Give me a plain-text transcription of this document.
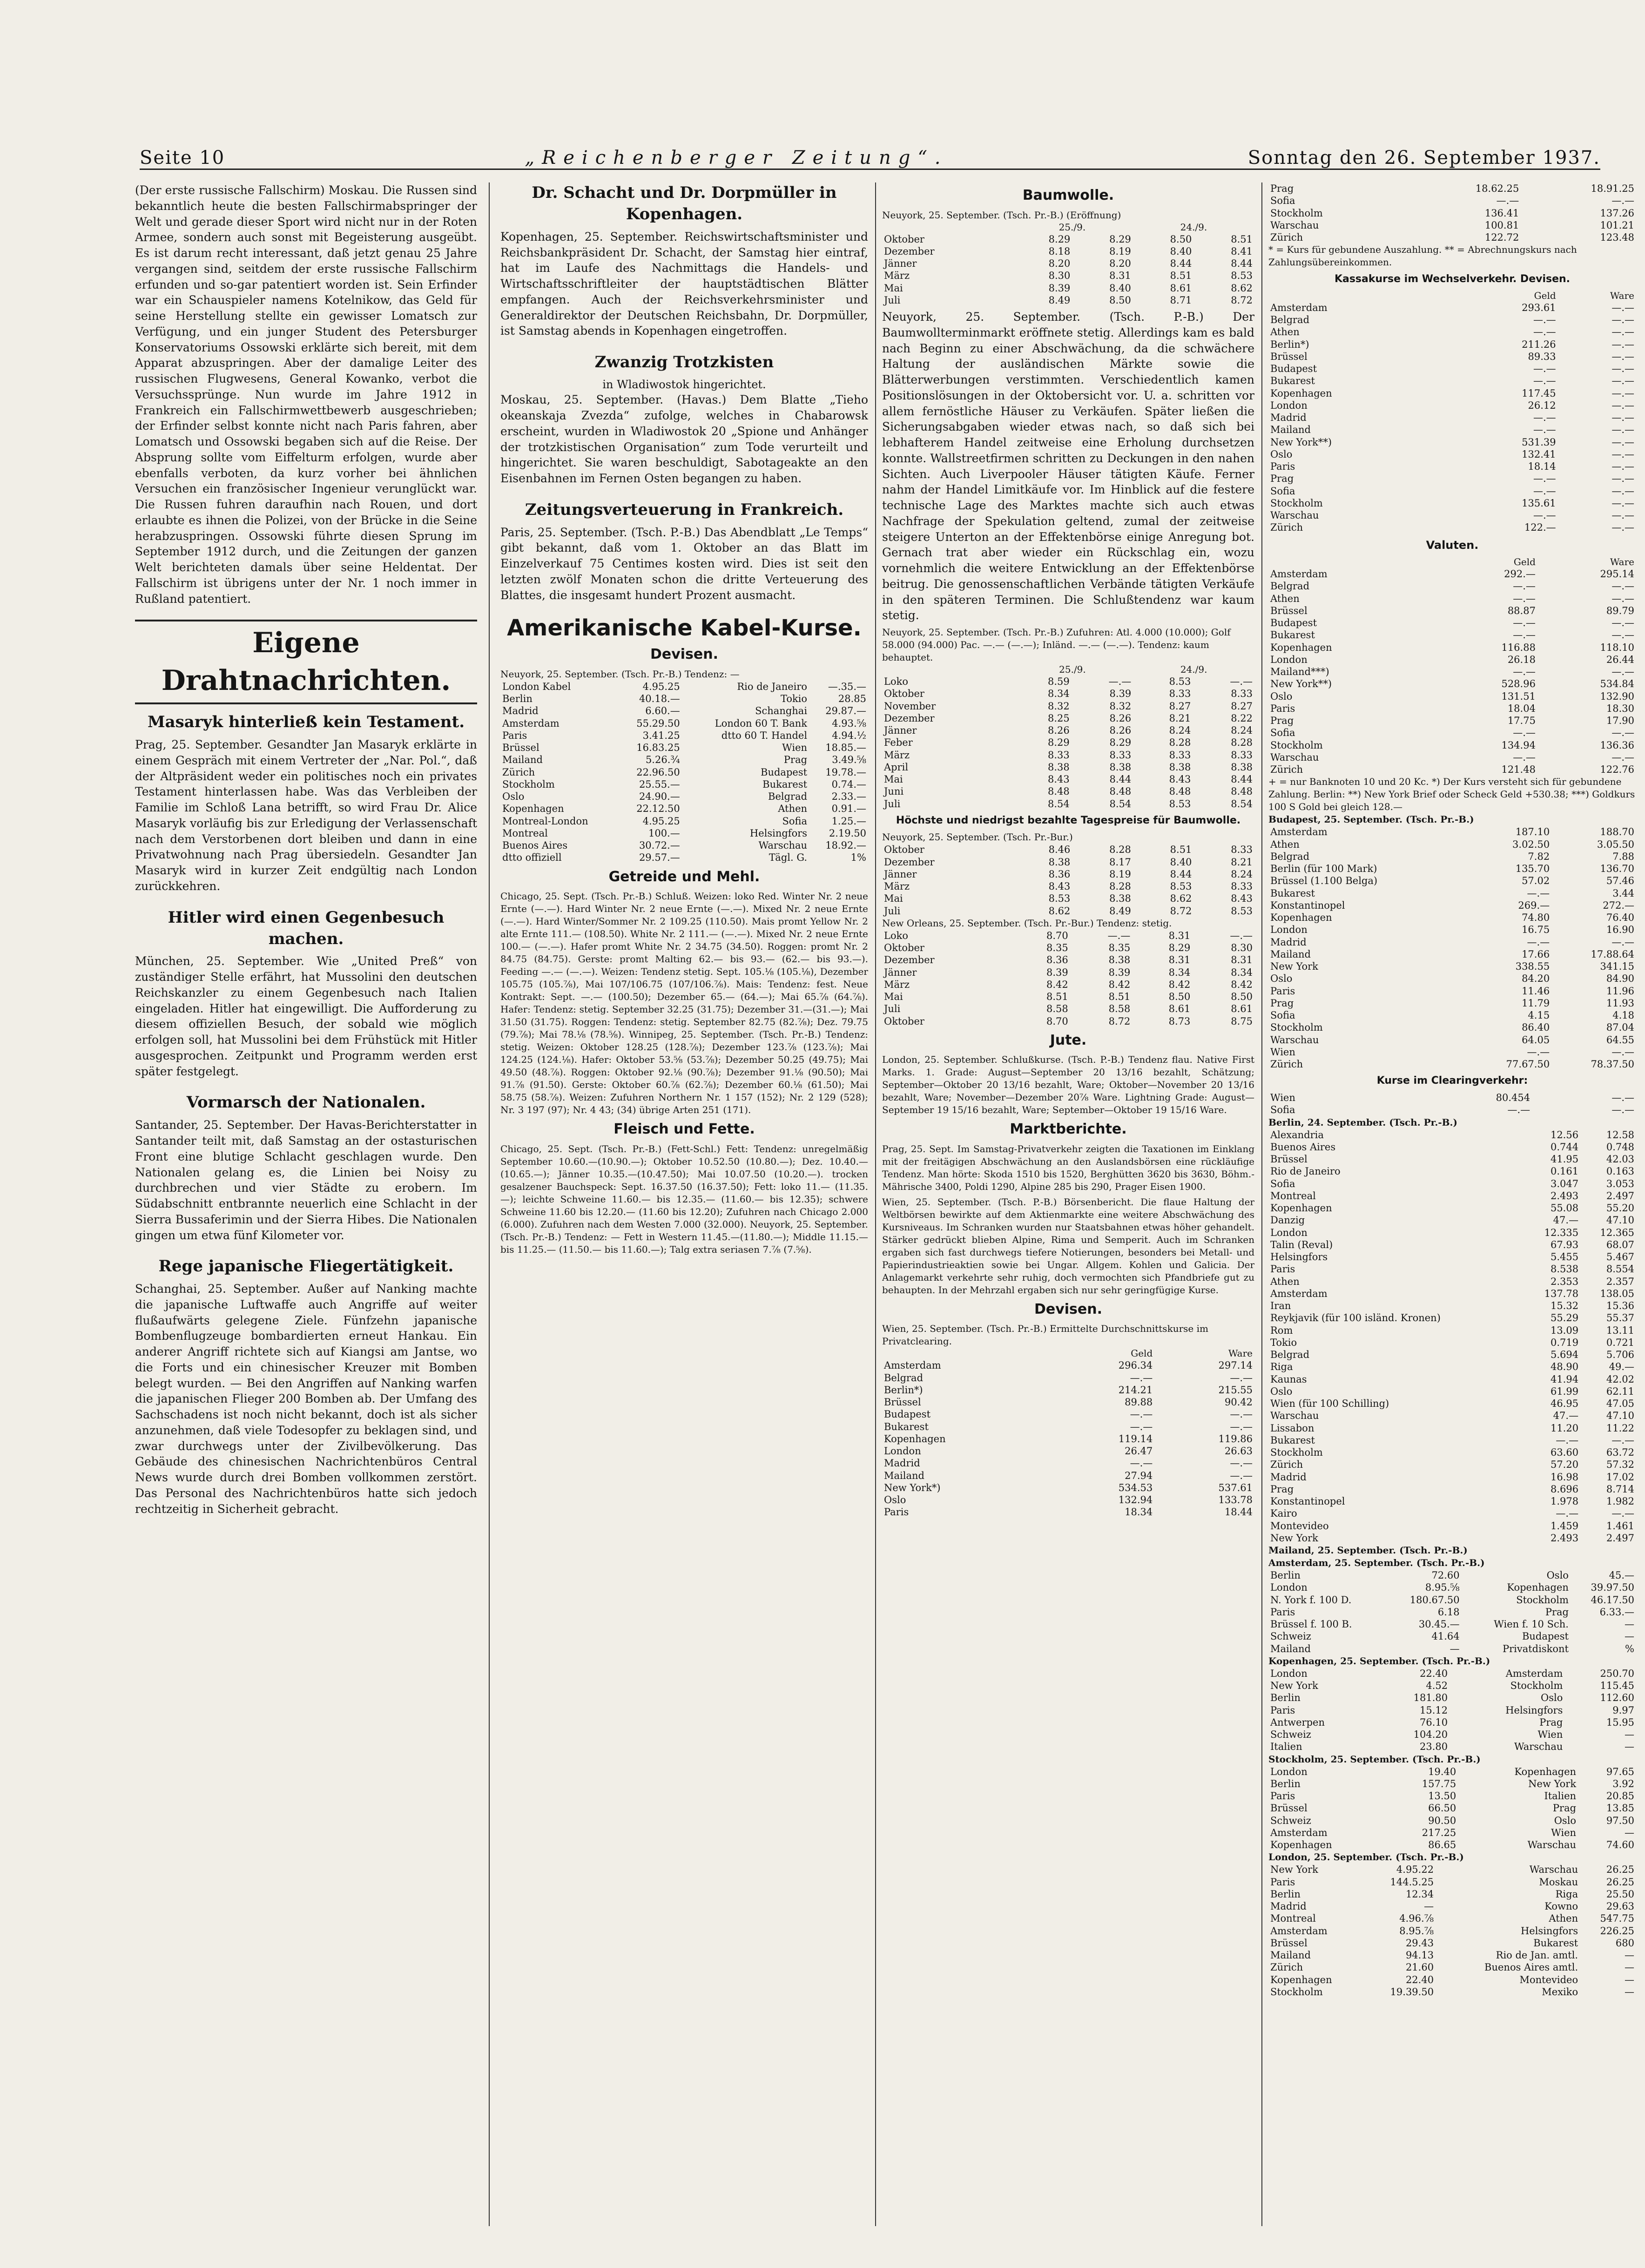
Seite 10	„Reichenberger Zeitung“.	Sonntag den 26. September 1937.

(Der erste russische Fallschirm) Moskau. Die Russen sind bekanntlich heute die besten Fallschirmabspringer der Welt und gerade dieser Sport wird nicht nur in der Roten Armee, sondern auch sonst mit Begeisterung ausgeübt. Es ist darum recht interessant, daß jetzt genau 25 Jahre vergangen sind, seitdem der erste russische Fallschirm erfunden und so-gar patentiert worden ist. Sein Erfinder war ein Schauspieler namens Kotelnikow, das Geld für seine Herstellung stellte ein gewisser Lomatsch zur Verfügung, und ein junger Student des Petersburger Konservatoriums Ossowski erklärte sich bereit, mit dem Apparat abzuspringen. Aber der damalige Leiter des russischen Flugwesens, General Kowanko, verbot die Versuchssprünge. Nun wurde im Jahre 1912 in Frankreich ein Fallschirmwettbewerb ausgeschrieben; der Erfinder selbst konnte nicht nach Paris fahren, aber Lomatsch und Ossowski begaben sich auf die Reise. Der Absprung sollte vom Eiffelturm erfolgen, wurde aber ebenfalls verboten, da kurz vorher bei ähnlichen Versuchen ein französischer Ingenieur verunglückt war. Die Russen fuhren daraufhin nach Rouen, und dort erlaubte es ihnen die Polizei, von der Brücke in die Seine herabzuspringen. Ossowski führte diesen Sprung im September 1912 durch, und die Zeitungen der ganzen Welt berichteten damals über seine Heldentat. Der Fallschirm ist übrigens unter der Nr. 1 noch immer in Rußland patentiert.

Eigene Drahtnachrichten.
Masaryk hinterließ kein Testament.

Prag, 25. September. Gesandter Jan Masaryk erklärte in einem Gespräch mit einem Vertreter der „Nar. Pol.“, daß der Altpräsident weder ein politisches noch ein privates Testament hinterlassen habe. Was das Verbleiben der Familie im Schloß Lana betrifft, so wird Frau Dr. Alice Masaryk vorläufig bis zur Erledigung der Verlassenschaft nach dem Verstorbenen dort bleiben und dann in eine Privatwohnung nach Prag übersiedeln. Gesandter Jan Masaryk wird in kurzer Zeit endgültig nach London zurückkehren.

Hitler wird einen Gegenbesuch machen.

München, 25. September. Wie „United Preß“ von zuständiger Stelle erfährt, hat Mussolini den deutschen Reichskanzler zu einem Gegenbesuch nach Italien eingeladen. Hitler hat eingewilligt. Die Aufforderung zu diesem offiziellen Besuch, der sobald wie möglich erfolgen soll, hat Mussolini bei dem Frühstück mit Hitler ausgesprochen. Zeitpunkt und Programm werden erst später festgelegt.

Vormarsch der Nationalen.

Santander, 25. September. Der Havas-Berichterstatter in Santander teilt mit, daß Samstag an der ostasturischen Front eine blutige Schlacht geschlagen wurde. Den Nationalen gelang es, die Linien bei Noisy zu durchbrechen und vier Städte zu erobern. Im Südabschnitt entbrannte neuerlich eine Schlacht in der Sierra Bussaferimin und der Sierra Hibes. Die Nationalen gingen um etwa fünf Kilometer vor.

Rege japanische Fliegertätigkeit.

Schanghai, 25. September. Außer auf Nanking machte die japanische Luftwaffe auch Angriffe auf weiter flußaufwärts gelegene Ziele. Fünfzehn japanische Bombenflugzeuge bombardierten erneut Hankau. Ein anderer Angriff richtete sich auf Kiangsi am Jantse, wo die Forts und ein chinesischer Kreuzer mit Bomben belegt wurden. — Bei den Angriffen auf Nanking warfen die japanischen Flieger 200 Bomben ab. Der Umfang des Sachschadens ist noch nicht bekannt, doch ist als sicher anzunehmen, daß viele Todesopfer zu beklagen sind, und zwar durchwegs unter der Zivilbevölkerung. Das Gebäude des chinesischen Nachrichtenbüros Central News wurde durch drei Bomben vollkommen zerstört. Das Personal des Nachrichtenbüros hatte sich jedoch rechtzeitig in Sicherheit gebracht.

Dr. Schacht und Dr. Dorpmüller in Kopenhagen.

Kopenhagen, 25. September. Reichswirtschaftsminister und Reichsbankpräsident Dr. Schacht, der Samstag hier eintraf, hat im Laufe des Nachmittags die Handels- und Wirtschaftsschriftleiter der hauptstädtischen Blätter empfangen. Auch der Reichsverkehrsminister und Generaldirektor der Deutschen Reichsbahn, Dr. Dorpmüller, ist Samstag abends in Kopenhagen eingetroffen.

Zwanzig Trotzkisten
in Wladiwostok hingerichtet.

Moskau, 25. September. (Havas.) Dem Blatte „Tieho okeanskaja Zvezda“ zufolge, welches in Chabarowsk erscheint, wurden in Wladiwostok 20 „Spione und Anhänger der trotzkistischen Organisation“ zum Tode verurteilt und hingerichtet. Sie waren beschuldigt, Sabotageakte an den Eisenbahnen im Fernen Osten begangen zu haben.

Zeitungsverteuerung in Frankreich.

Paris, 25. September. (Tsch. P.-B.) Das Abendblatt „Le Temps“ gibt bekannt, daß vom 1. Oktober an das Blatt im Einzelverkauf 75 Centimes kosten wird. Dies ist seit den letzten zwölf Monaten schon die dritte Verteuerung des Blattes, die insgesamt hundert Prozent ausmacht.

Amerikanische Kabel-Kurse.
Devisen.
Neuyork, 25. September. (Tsch. Pr.-B.) Tendenz: —
London Kabel	4.95.25	Rio de Janeiro	—.35.—
Berlin	40.18.—	Tokio	28.85
Madrid	6.60.—	Schanghai	29.87.—
Amsterdam	55.29.50	London 60 T. Bank	4.93.⅝
Paris	3.41.25	dtto 60 T. Handel	4.94.½
Brüssel	16.83.25	Wien	18.85.—
Mailand	5.26.¾	Prag	3.49.⅝
Zürich	22.96.50	Budapest	19.78.—
Stockholm	25.55.—	Bukarest	0.74.—
Oslo	24.90.—	Belgrad	2.33.—
Kopenhagen	22.12.50	Athen	0.91.—
Montreal-London	4.95.25	Sofia	1.25.—
Montreal	100.—	Helsingfors	2.19.50
Buenos Aires	30.72.—	Warschau	18.92.—
dtto offiziell	29.57.—	Tägl. G.	1%
Getreide und Mehl.

Chicago, 25. Sept. (Tsch. Pr.-B.) Schluß. Weizen: loko Red. Winter Nr. 2 neue Ernte (—.—). Hard Winter Nr. 2 neue Ernte (—.—). Mixed Nr. 2 neue Ernte (—.—). Hard Winter/Sommer Nr. 2 109.25 (110.50). Mais promt Yellow Nr. 2 alte Ernte 111.— (108.50). White Nr. 2 111.— (—.—). Mixed Nr. 2 neue Ernte 100.— (—.—). Hafer promt White Nr. 2 34.75 (34.50). Roggen: promt Nr. 2 84.75 (84.75). Gerste: promt Malting 62.— bis 93.— (62.— bis 93.—). Feeding —.— (—.—). Weizen: Tendenz stetig. Sept. 105.⅛ (105.⅛), Dezember 105.75 (105.⅞), Mai 107/106.75 (107/106.⅞). Mais: Tendenz: fest. Neue Kontrakt: Sept. —.— (100.50); Dezember 65.— (64.—); Mai 65.⅞ (64.⅞). Hafer: Tendenz: stetig. September 32.25 (31.75); Dezember 31.—(31.—); Mai 31.50 (31.75). Roggen: Tendenz: stetig. September 82.75 (82.⅞); Dez. 79.75 (79.⅞); Mai 78.⅛ (78.⅝). Winnipeg, 25. September. (Tsch. Pr.-B.) Tendenz: stetig. Weizen: Oktober 128.25 (128.⅞); Dezember 123.⅞ (123.⅞); Mai 124.25 (124.⅛). Hafer: Oktober 53.⅝ (53.⅞); Dezember 50.25 (49.75); Mai 49.50 (48.⅞). Roggen: Oktober 92.⅛ (90.⅞); Dezember 91.⅛ (90.50); Mai 91.⅞ (91.50). Gerste: Oktober 60.⅞ (62.⅞); Dezember 60.⅛ (61.50); Mai 58.75 (58.⅞). Weizen: Zufuhren Northern Nr. 1 157 (152); Nr. 2 129 (528); Nr. 3 197 (97); Nr. 4 43; (34) übrige Arten 251 (171).

Fleisch und Fette.

Chicago, 25. Sept. (Tsch. Pr.-B.) (Fett-Schl.) Fett: Tendenz: unregelmäßig September 10.60.—(10.90.—); Oktober 10.52.50 (10.80.—); Dez. 10.40.—(10.65.—); Jänner 10.35.—(10.47.50); Mai 10.07.50 (10.20.—). trocken gesalzener Bauchspeck: Sept. 16.37.50 (16.37.50); Fett: loko 11.— (11.35.—); leichte Schweine 11.60.— bis 12.35.— (11.60.— bis 12.35); schwere Schweine 11.60 bis 12.20.— (11.60 bis 12.20); Zufuhren nach Chicago 2.000 (6.000). Zufuhren nach dem Westen 7.000 (32.000). Neuyork, 25. September. (Tsch. Pr.-B.) Tendenz: — Fett in Western 11.45.—(11.80.—); Middle 11.15.— bis 11.25.— (11.50.— bis 11.60.—); Talg extra seriasen 7.⅞ (7.⅝).

Baumwolle.
Neuyork, 25. September. (Tsch. Pr.-B.) (Eröffnung)
	25./9.		24./9.	
Oktober	8.29	8.29	8.50	8.51
Dezember	8.18	8.19	8.40	8.41
Jänner	8.20	8.20	8.44	8.44
März	8.30	8.31	8.51	8.53
Mai	8.39	8.40	8.61	8.62
Juli	8.49	8.50	8.71	8.72

Neuyork, 25. September. (Tsch. P.-B.) Der Baumwollterminmarkt eröffnete stetig. Allerdings kam es bald nach Beginn zu einer Abschwächung, da die schwächere Haltung der ausländischen Märkte sowie die Blätterwerbungen verstimmten. Verschiedentlich kamen Positionslösungen in der Oktobersicht vor. U. a. schritten vor allem fernöstliche Häuser zu Verkäufen. Später ließen die Sicherungsabgaben wieder etwas nach, so daß sich bei lebhafterem Handel zeitweise eine Erholung durchsetzen konnte. Wallstreetfirmen schritten zu Deckungen in den nahen Sichten. Auch Liverpooler Häuser tätigten Käufe. Ferner nahm der Handel Limitkäufe vor. Im Hinblick auf die festere technische Lage des Marktes machte sich auch etwas Nachfrage der Spekulation geltend, zumal der zeitweise steigere Unterton an der Effektenbörse einige Anregung bot. Gernach trat aber wieder ein Rückschlag ein, wozu vornehmlich die weitere Entwicklung an der Effektenbörse beitrug. Die genossenschaftlichen Verbände tätigten Verkäufe in den späteren Terminen. Die Schlußtendenz war kaum stetig.

Neuyork, 25. September. (Tsch. Pr.-B.) Zufuhren: Atl. 4.000 (10.000); Golf 58.000 (94.000) Pac. —.— (—.—); Inländ. —.— (—.—). Tendenz: kaum behauptet.
	25./9.		24./9.	
Loko	8.59	—.—	8.53	—.—
Oktober	8.34	8.39	8.33	8.33
November	8.32	8.32	8.27	8.27
Dezember	8.25	8.26	8.21	8.22
Jänner	8.26	8.26	8.24	8.24
Feber	8.29	8.29	8.28	8.28
März	8.33	8.33	8.33	8.33
April	8.38	8.38	8.38	8.38
Mai	8.43	8.44	8.43	8.44
Juni	8.48	8.48	8.48	8.48
Juli	8.54	8.54	8.53	8.54
Höchste und niedrigst bezahlte Tagespreise für Baumwolle.
Neuyork, 25. September. (Tsch. Pr.-Bur.)
Oktober	8.46	8.28	8.51	8.33
Dezember	8.38	8.17	8.40	8.21
Jänner	8.36	8.19	8.44	8.24
März	8.43	8.28	8.53	8.33
Mai	8.53	8.38	8.62	8.43
Juli	8.62	8.49	8.72	8.53
New Orleans, 25. September. (Tsch. Pr.-Bur.) Tendenz: stetig.
Loko	8.70	—.—	8.31	—.—
Oktober	8.35	8.35	8.29	8.30
Dezember	8.36	8.38	8.31	8.31
Jänner	8.39	8.39	8.34	8.34
März	8.42	8.42	8.42	8.42
Mai	8.51	8.51	8.50	8.50
Juli	8.58	8.58	8.61	8.61
Oktober	8.70	8.72	8.73	8.75
Jute.

London, 25. September. Schlußkurse. (Tsch. P.-B.) Tendenz flau. Native First Marks. 1. Grade: August—September 20 13/16 bezahlt, Schätzung; September—Oktober 20 13/16 bezahlt, Ware; Oktober—November 20 13/16 bezahlt, Ware; November—Dezember 20⅞ Ware. Lightning Grade: August—September 19 15/16 bezahlt, Ware; September—Oktober 19 15/16 Ware.

Marktberichte.

Prag, 25. Sept. Im Samstag-Privatverkehr zeigten die Taxationen im Einklang mit der freitägigen Abschwächung an den Auslandsbörsen eine rückläufige Tendenz. Man hörte: Skoda 1510 bis 1520, Berghütten 3620 bis 3630, Böhm.-Mährische 3400, Poldi 1290, Alpine 285 bis 290, Prager Eisen 1900.

Wien, 25. September. (Tsch. P.-B.) Börsenbericht. Die flaue Haltung der Weltbörsen bewirkte auf dem Aktienmarkte eine weitere Abschwächung des Kursniveaus. Im Schranken wurden nur Staatsbahnen etwas höher gehandelt. Stärker gedrückt blieben Alpine, Rima und Semperit. Auch im Schranken ergaben sich fast durchwegs tiefere Notierungen, besonders bei Metall- und Papierindustrieaktien sowie bei Ungar. Allgem. Kohlen und Galicia. Der Anlagemarkt verkehrte sehr ruhig, doch vermochten sich Pfandbriefe gut zu behaupten. In der Mehrzahl ergaben sich nur sehr geringfügige Kurse.

Devisen.
Wien, 25. September. (Tsch. Pr.-B.) Ermittelte Durchschnittskurse im Privatclearing.
	Geld	Ware
Amsterdam	296.34	297.14
Belgrad	—.—	—.—
Berlin*)	214.21	215.55
Brüssel	89.88	90.42
Budapest	—.—	—.—
Bukarest	—.—	—.—
Kopenhagen	119.14	119.86
London	26.47	26.63
Madrid	—.—	—.—
Mailand	27.94	—.—
New York*)	534.53	537.61
Oslo	132.94	133.78
Paris	18.34	18.44
Prag	18.62.25	18.91.25
Sofia	—.—	—.—
Stockholm	136.41	137.26
Warschau	100.81	101.21
Zürich	122.72	123.48
* = Kurs für gebundene Auszahlung. ** = Abrechnungskurs nach Zahlungsübereinkommen.
Kassakurse im Wechselverkehr. Devisen.
	Geld	Ware
Amsterdam	293.61	—.—
Belgrad	—.—	—.—
Athen	—.—	—.—
Berlin*)	211.26	—.—
Brüssel	89.33	—.—
Budapest	—.—	—.—
Bukarest	—.—	—.—
Kopenhagen	117.45	—.—
London	26.12	—.—
Madrid	—.—	—.—
Mailand	—.—	—.—
New York**)	531.39	—.—
Oslo	132.41	—.—
Paris	18.14	—.—
Prag	—.—	—.—
Sofia	—.—	—.—
Stockholm	135.61	—.—
Warschau	—.—	—.—
Zürich	122.—	—.—
Valuten.
	Geld	Ware
Amsterdam	292.—	295.14
Belgrad	—.—	—.—
Athen	—.—	—.—
Brüssel	88.87	89.79
Budapest	—.—	—.—
Bukarest	—.—	—.—
Kopenhagen	116.88	118.10
London	26.18	26.44
Mailand***)	—.—	—.—
New York**)	528.96	534.84
Oslo	131.51	132.90
Paris	18.04	18.30
Prag	17.75	17.90
Sofia	—.—	—.—
Stockholm	134.94	136.36
Warschau	—.—	—.—
Zürich	121.48	122.76
+ = nur Banknoten 10 und 20 Kc. *) Der Kurs versteht sich für gebundene Zahlung. Berlin: **) New York Brief oder Scheck Geld +530.38; ***) Goldkurs 100 S Gold bei gleich 128.—
Budapest, 25. September. (Tsch. Pr.-B.)
Amsterdam	187.10	188.70
Athen	3.02.50	3.05.50
Belgrad	7.82	7.88
Berlin (für 100 Mark)	135.70	136.70
Brüssel (1.100 Belga)	57.02	57.46
Bukarest	—.—	3.44
Konstantinopel	269.—	272.—
Kopenhagen	74.80	76.40
London	16.75	16.90
Madrid	—.—	—.—
Mailand	17.66	17.88.64
New York	338.55	341.15
Oslo	84.20	84.90
Paris	11.46	11.96
Prag	11.79	11.93
Sofia	4.15	4.18
Stockholm	86.40	87.04
Warschau	64.05	64.55
Wien	—.—	—.—
Zürich	77.67.50	78.37.50
Kurse im Clearingverkehr:
Wien	80.454	—.—
Sofia	—.—	—.—
Berlin, 24. September. (Tsch. Pr.-B.)
Alexandria	12.56	12.58
Buenos Aires	0.744	0.748
Brüssel	41.95	42.03
Rio de Janeiro	0.161	0.163
Sofia	3.047	3.053
Montreal	2.493	2.497
Kopenhagen	55.08	55.20
Danzig	47.—	47.10
London	12.335	12.365
Talin (Reval)	67.93	68.07
Helsingfors	5.455	5.467
Paris	8.538	8.554
Athen	2.353	2.357
Amsterdam	137.78	138.05
Iran	15.32	15.36
Reykjavik (für 100 isländ. Kronen)	55.29	55.37
Rom	13.09	13.11
Tokio	0.719	0.721
Belgrad	5.694	5.706
Riga	48.90	49.—
Kaunas	41.94	42.02
Oslo	61.99	62.11
Wien (für 100 Schilling)	46.95	47.05
Warschau	47.—	47.10
Lissabon	11.20	11.22
Bukarest	—.—	—.—
Stockholm	63.60	63.72
Zürich	57.20	57.32
Madrid	16.98	17.02
Prag	8.696	8.714
Konstantinopel	1.978	1.982
Kairo	—.—	—.—
Montevideo	1.459	1.461
New York	2.493	2.497
Mailand, 25. September. (Tsch. Pr.-B.)
Amsterdam, 25. September. (Tsch. Pr.-B.)
Berlin	72.60	Oslo	45.—
London	8.95.⅝	Kopenhagen	39.97.50
N. York f. 100 D.	180.67.50	Stockholm	46.17.50
Paris	6.18	Prag	6.33.—
Brüssel f. 100 B.	30.45.—	Wien f. 10 Sch.	—
Schweiz	41.64	Budapest	—
Mailand	—	Privatdiskont	%
Kopenhagen, 25. September. (Tsch. Pr.-B.)
London	22.40	Amsterdam	250.70
New York	4.52	Stockholm	115.45
Berlin	181.80	Oslo	112.60
Paris	15.12	Helsingfors	9.97
Antwerpen	76.10	Prag	15.95
Schweiz	104.20	Wien	—
Italien	23.80	Warschau	—
Stockholm, 25. September. (Tsch. Pr.-B.)
London	19.40	Kopenhagen	97.65
Berlin	157.75	New York	3.92
Paris	13.50	Italien	20.85
Brüssel	66.50	Prag	13.85
Schweiz	90.50	Oslo	97.50
Amsterdam	217.25	Wien	—
Kopenhagen	86.65	Warschau	74.60
London, 25. September. (Tsch. Pr.-B.)
New York	4.95.22	Warschau	26.25
Paris	144.5.25	Moskau	26.25
Berlin	12.34	Riga	25.50
Madrid	—	Kowno	29.63
Montreal	4.96.⅞	Athen	547.75
Amsterdam	8.95.⅞	Helsingfors	226.25
Brüssel	29.43	Bukarest	680
Mailand	94.13	Rio de Jan. amtl.	—
Zürich	21.60	Buenos Aires amtl.	—
Kopenhagen	22.40	Montevideo	—
Stockholm	19.39.50	Mexiko	—
